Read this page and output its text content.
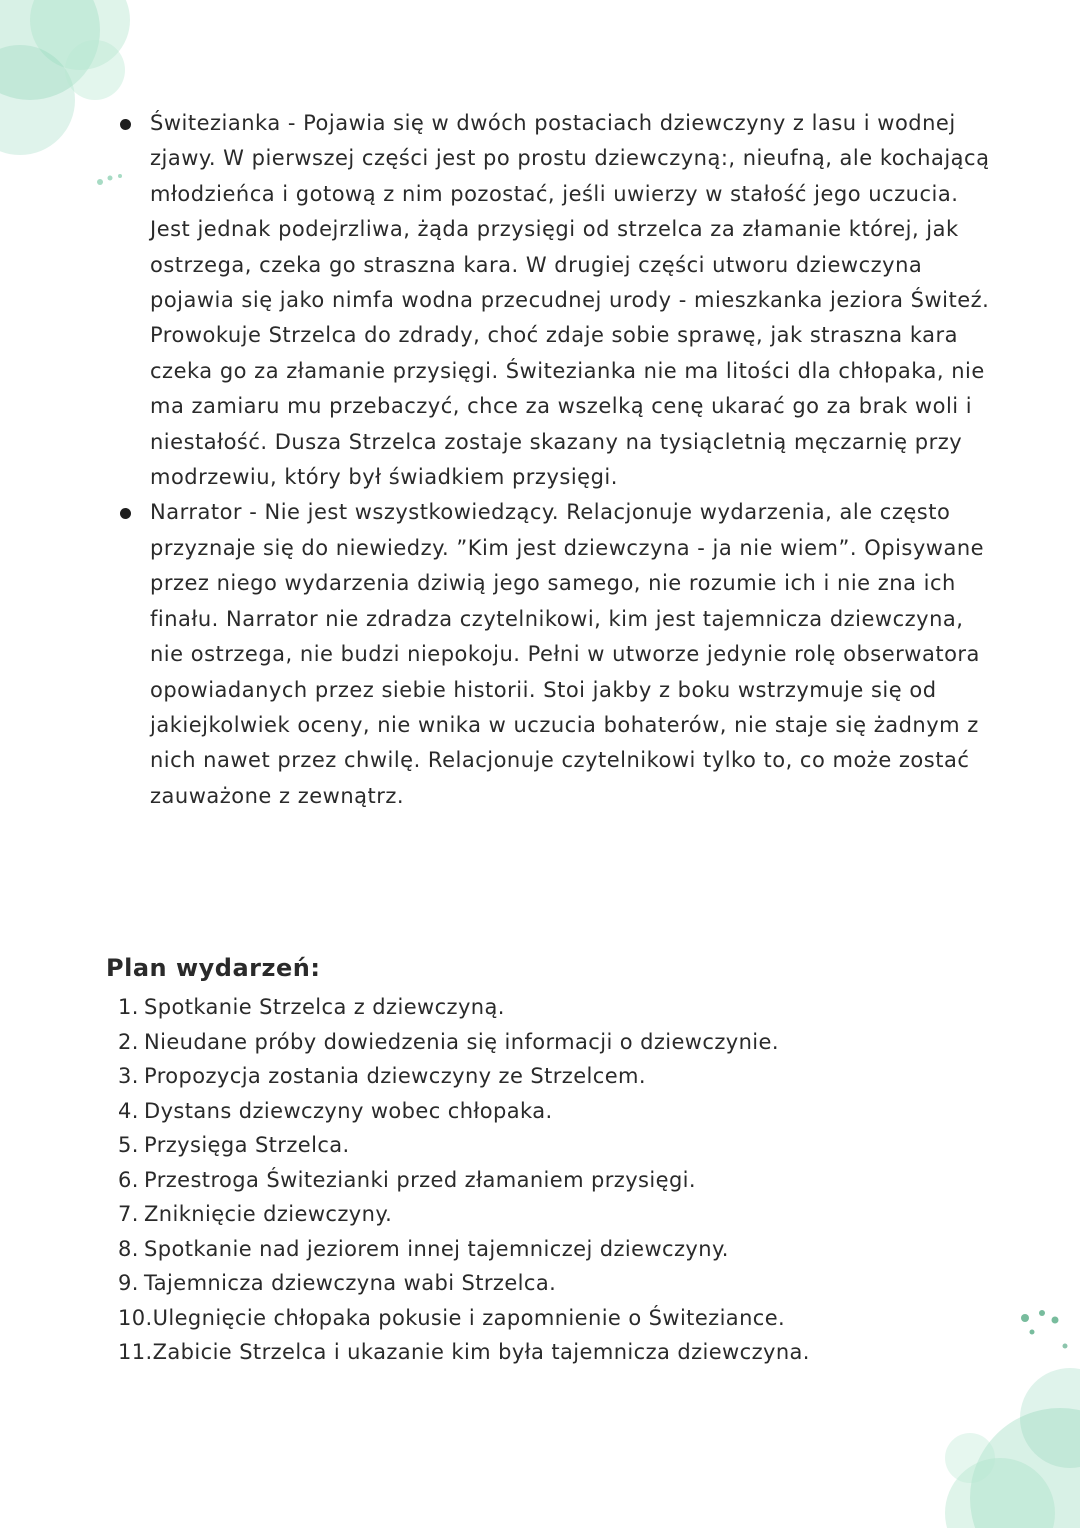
Świtezianka - Pojawia się w dwóch postaciach dziewczyny z lasu i wodnej zjawy. W pierwszej części jest po prostu dziewczyną:, nieufną, ale kochającą młodzieńca i gotową z nim pozostać, jeśli uwierzy w stałość jego uczucia. Jest jednak podejrzliwa, żąda przysięgi od strzelca za złamanie której, jak ostrzega, czeka go straszna kara. W drugiej części utworu dziewczyna pojawia się jako nimfa wodna przecudnej urody - mieszkanka jeziora Świteź. Prowokuje Strzelca do zdrady, choć zdaje sobie sprawę, jak straszna kara czeka go za złamanie przysięgi. Świtezianka nie ma litości dla chłopaka, nie ma zamiaru mu przebaczyć, chce za wszelką cenę ukarać go za brak woli i niestałość. Dusza Strzelca zostaje skazany na tysiącletnią męczarnię przy modrzewiu, który był świadkiem przysięgi.
Narrator - Nie jest wszystkowiedzący. Relacjonuje wydarzenia, ale często przyznaje się do niewiedzy. ”Kim jest dziewczyna - ja nie wiem”. Opisywane przez niego wydarzenia dziwią jego samego, nie rozumie ich i nie zna ich finału. Narrator nie zdradza czytelnikowi, kim jest tajemnicza dziewczyna, nie ostrzega, nie budzi niepokoju. Pełni w utworze jedynie rolę obserwatora opowiadanych przez siebie historii. Stoi jakby z boku wstrzymuje się od jakiejkolwiek oceny, nie wnika w uczucia bohaterów, nie staje się żadnym z nich nawet przez chwilę. Relacjonuje czytelnikowi tylko to, co może zostać zauważone z zewnątrz.
Plan wydarzeń:
1. Spotkanie Strzelca z dziewczyną.
2. Nieudane próby dowiedzenia się informacji o dziewczynie.
3. Propozycja zostania dziewczyny ze Strzelcem.
4. Dystans dziewczyny wobec chłopaka.
5. Przysięga Strzelca.
6. Przestroga Świtezianki przed złamaniem przysięgi.
7. Zniknięcie dziewczyny.
8. Spotkanie nad jeziorem innej tajemniczej dziewczyny.
9. Tajemnicza dziewczyna wabi Strzelca.
10.Ulegnięcie chłopaka pokusie i zapomnienie o Świteziance.
11.Zabicie Strzelca i ukazanie kim była tajemnicza dziewczyna.
